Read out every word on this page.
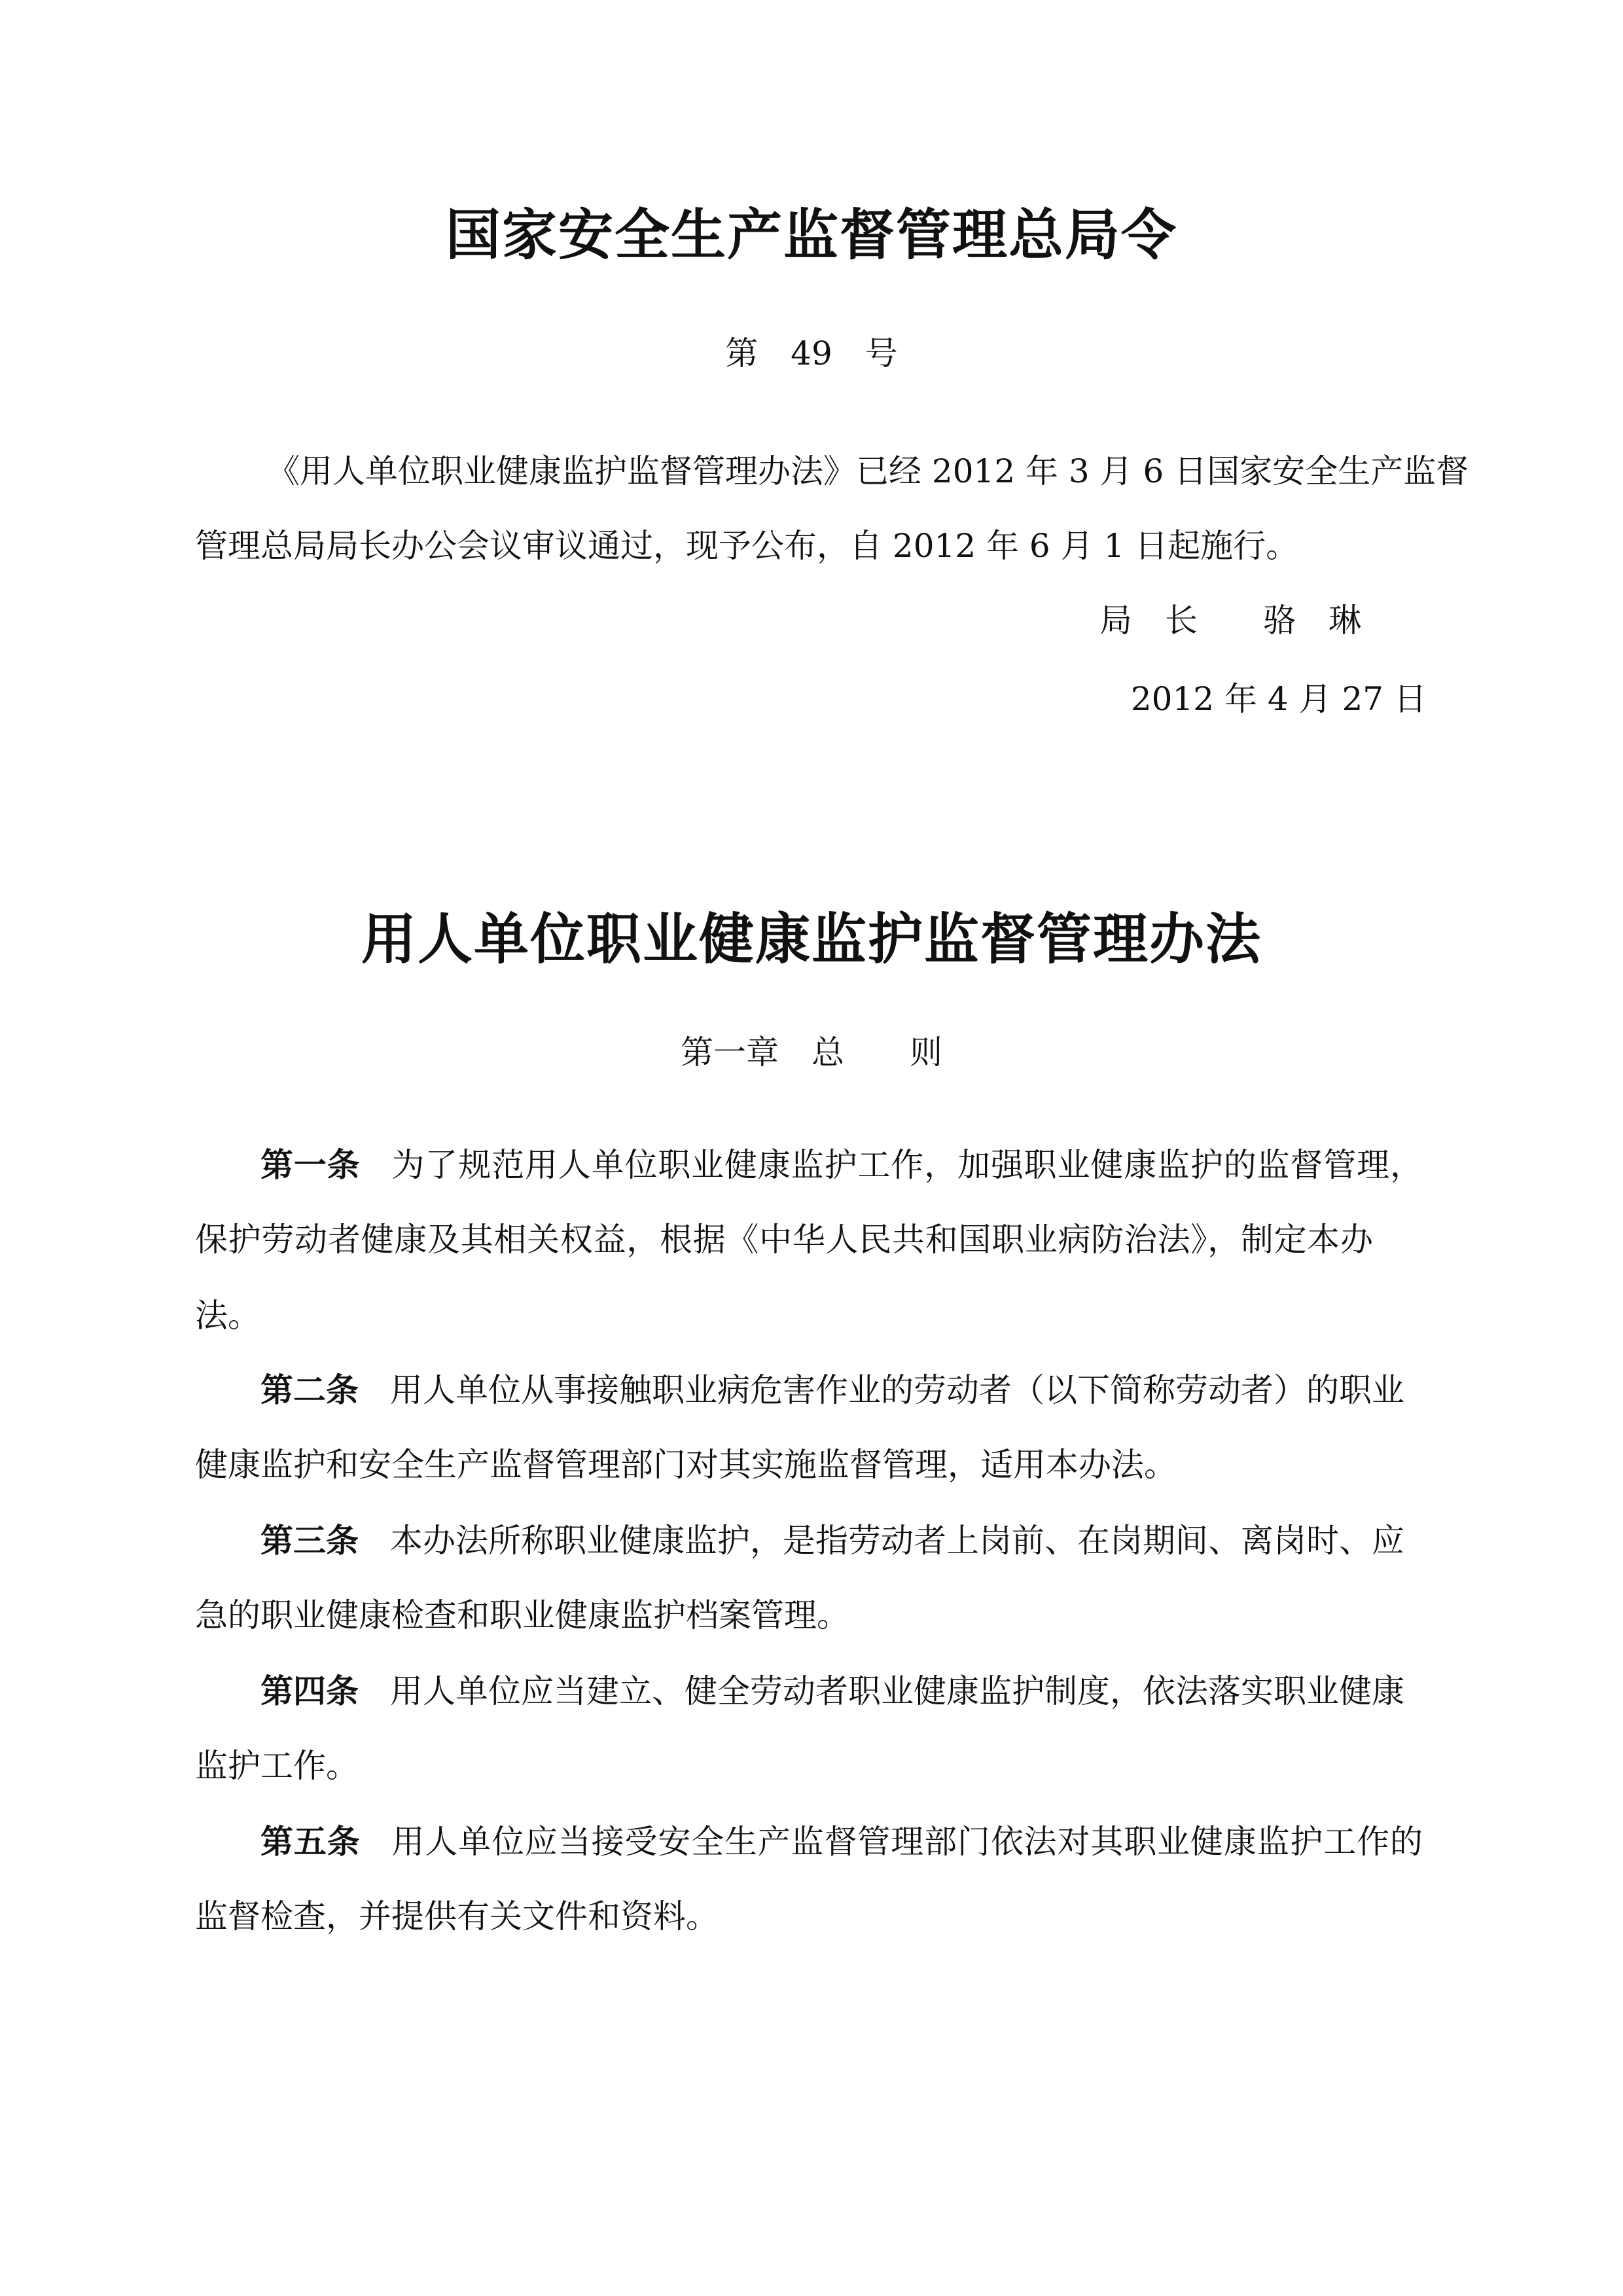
国家安全生产监督管理总局令
第　49　号
《用人单位职业健康监护监督管理办法》已经 2012 年 3 月 6 日国家安全生产监督
管理总局局长办公会议审议通过，现予公布，自 2012 年 6 月 1 日起施行。
局　长　　骆　琳
2012 年 4 月 27 日
用人单位职业健康监护监督管理办法
第一章　总　　则
第一条 为了规范用人单位职业健康监护工作，加强职业健康监护的监督管理，
保护劳动者健康及其相关权益，根据《中华人民共和国职业病防治法》，制定本办
法。
第二条 用人单位从事接触职业病危害作业的劳动者（以下简称劳动者）的职业
健康监护和安全生产监督管理部门对其实施监督管理，适用本办法。
第三条 本办法所称职业健康监护，是指劳动者上岗前、在岗期间、离岗时、应
急的职业健康检查和职业健康监护档案管理。
第四条 用人单位应当建立、健全劳动者职业健康监护制度，依法落实职业健康
监护工作。
第五条 用人单位应当接受安全生产监督管理部门依法对其职业健康监护工作的
监督检查，并提供有关文件和资料。
